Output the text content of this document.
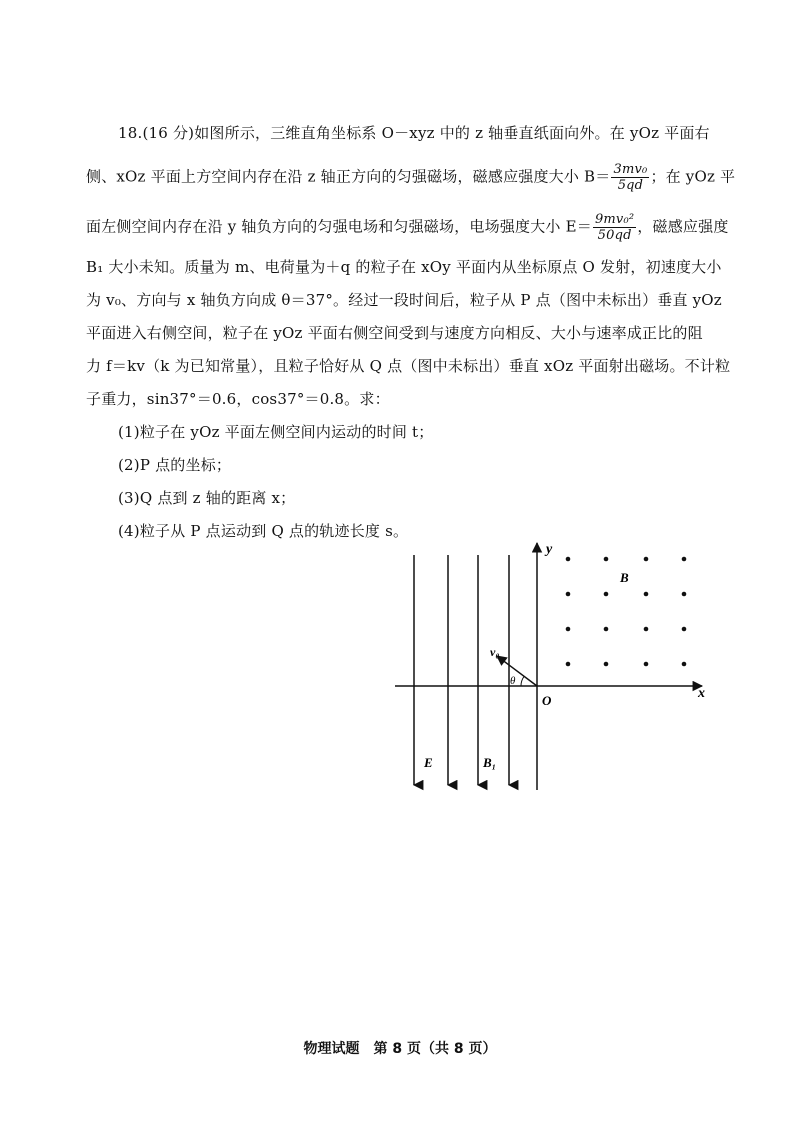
18.(16 分)如图所示，三维直角坐标系 O－xyz 中的 z 轴垂直纸面向外。在 yOz 平面右
侧、xOz 平面上方空间内存在沿 z 轴正方向的匀强磁场，磁感应强度大小 $B= \frac{\text{3mv₀}}{5qd}$ ；在 yOz 平
面左侧空间内存在沿 y 轴负方向的匀强电场和匀强磁场，电场强度大小 $E= \frac{\text{9mv₀²}}{50qd}$ ，磁感应强度
B₁ 大小未知。质量为 m、电荷量为＋q 的粒子在 xOy 平面内从坐标原点 O 发射，初速度大小
为 v₀、方向与 x 轴负方向成 θ＝37°。经过一段时间后，粒子从 P 点（图中未标出）垂直 yOz
平面进入右侧空间，粒子在 yOz 平面右侧空间受到与速度方向相反、大小与速率成正比的阻
力 f＝kv（k 为已知常量），且粒子恰好从 Q 点（图中未标出）垂直 xOz 平面射出磁场。不计粒
子重力，sin37°＝0.6，cos37°＝0.8。求：
(1)粒子在 yOz 平面左侧空间内运动的时间 t；
(2)P 点的坐标；
(3)Q 点到 z 轴的距离 x；
(4)粒子从 P 点运动到 Q 点的轨迹长度 s。
y
x
O
B
E	B₁
v₀
θ
物理试题　第 8 页（共 8 页）
